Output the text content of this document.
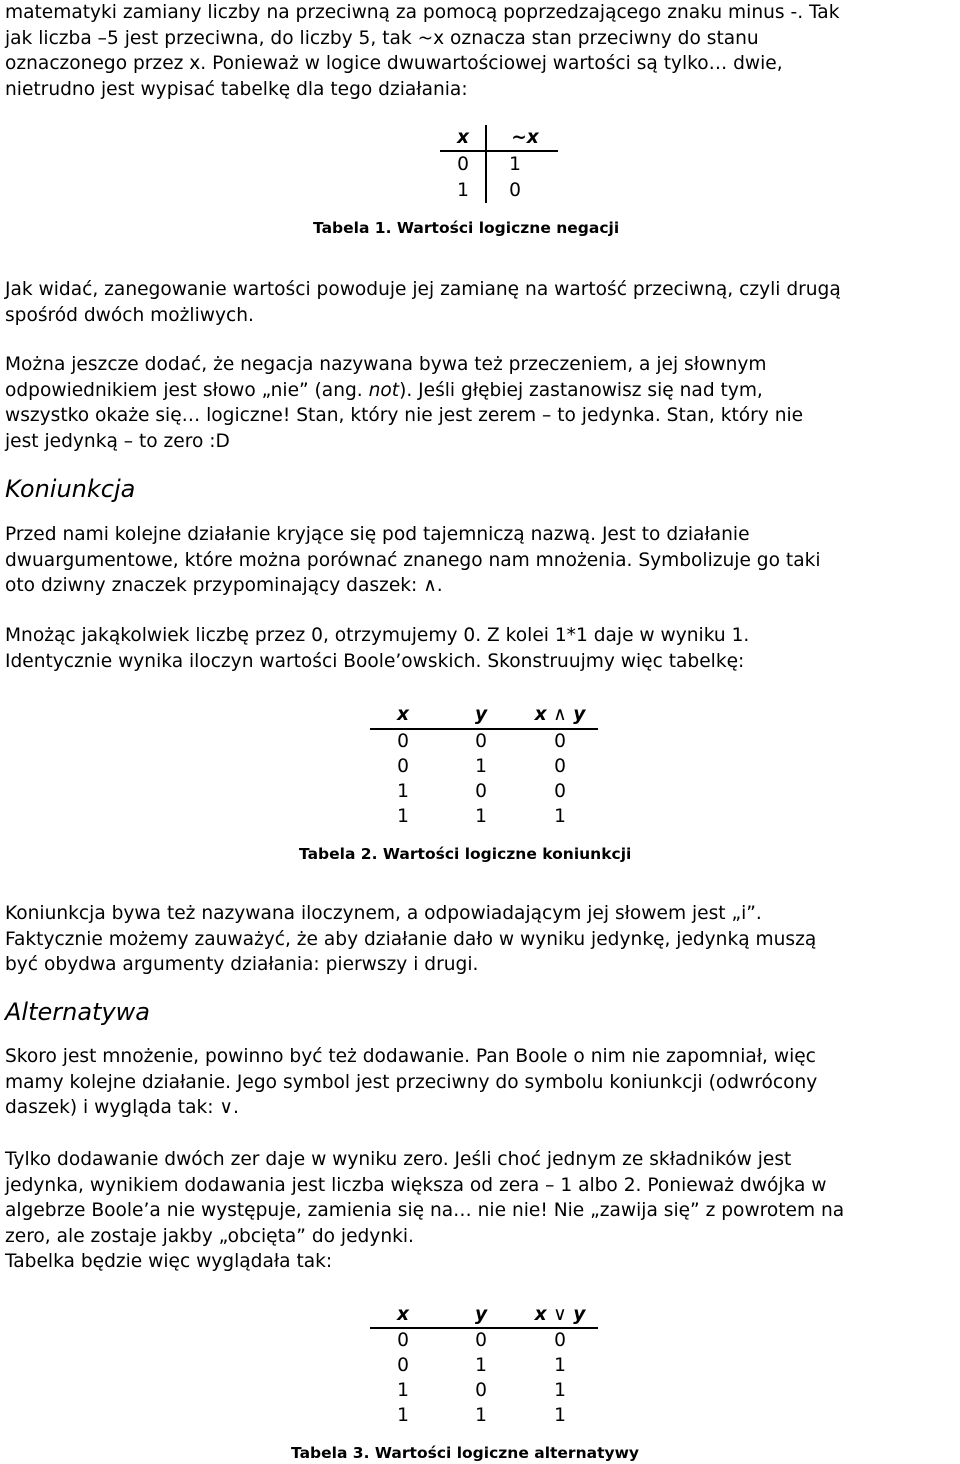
matematyki zamiany liczby na przeciwną za pomocą poprzedzającego znaku minus -. Tak
jak liczba –5 jest przeciwna, do liczby 5, tak ~x oznacza stan przeciwny do stanu
oznaczonego przez x. Ponieważ w logice dwuwartościowej wartości są tylko… dwie,
nietrudno jest wypisać tabelkę dla tego działania:
x	~x
0	1
1	0
Tabela 1. Wartości logiczne negacji
Jak widać, zanegowanie wartości powoduje jej zamianę na wartość przeciwną, czyli drugą
spośród dwóch możliwych.
Można jeszcze dodać, że negacja nazywana bywa też przeczeniem, a jej słownym
odpowiednikiem jest słowo „nie” (ang. not). Jeśli głębiej zastanowisz się nad tym,
wszystko okaże się… logiczne! Stan, który nie jest zerem – to jedynka. Stan, który nie
jest jedynką – to zero :D
Koniunkcja
Przed nami kolejne działanie kryjące się pod tajemniczą nazwą. Jest to działanie
dwuargumentowe, które można porównać znanego nam mnożenia. Symbolizuje go taki
oto dziwny znaczek przypominający daszek: ∧.
Mnożąc jakąkolwiek liczbę przez 0, otrzymujemy 0. Z kolei 1*1 daje w wyniku 1.
Identycznie wynika iloczyn wartości Boole’owskich. Skonstruujmy więc tabelkę:
x	y	x ∧ y
0	0	0
0	1	0
1	0	0
1	1	1
Tabela 2. Wartości logiczne koniunkcji
Koniunkcja bywa też nazywana iloczynem, a odpowiadającym jej słowem jest „i”.
Faktycznie możemy zauważyć, że aby działanie dało w wyniku jedynkę, jedynką muszą
być obydwa argumenty działania: pierwszy i drugi.
Alternatywa
Skoro jest mnożenie, powinno być też dodawanie. Pan Boole o nim nie zapomniał, więc
mamy kolejne działanie. Jego symbol jest przeciwny do symbolu koniunkcji (odwrócony
daszek) i wygląda tak: ∨.
Tylko dodawanie dwóch zer daje w wyniku zero. Jeśli choć jednym ze składników jest
jedynka, wynikiem dodawania jest liczba większa od zera – 1 albo 2. Ponieważ dwójka w
algebrze Boole’a nie występuje, zamienia się na… nie nie! Nie „zawija się” z powrotem na
zero, ale zostaje jakby „obcięta” do jedynki.
Tabelka będzie więc wyglądała tak:
x	y	x ∨ y
0	0	0
0	1	1
1	0	1
1	1	1
Tabela 3. Wartości logiczne alternatywy
